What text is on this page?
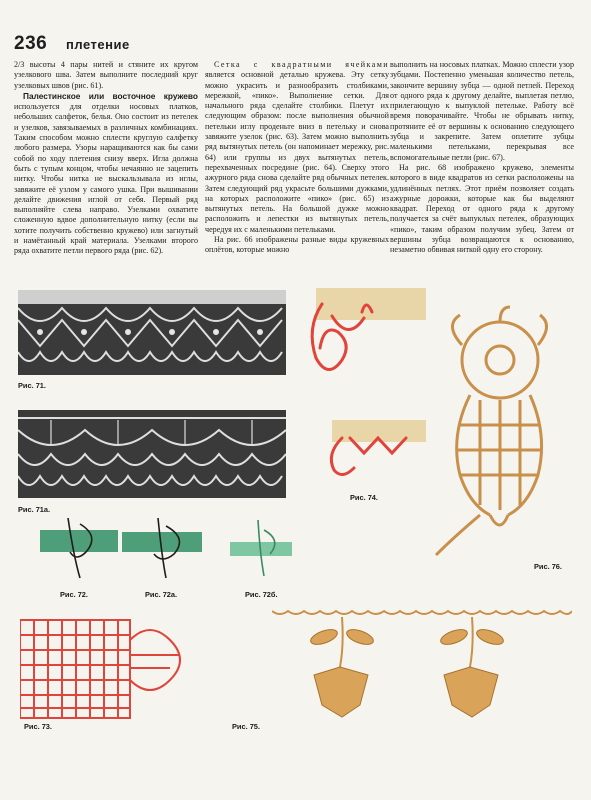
236 плетение

2/3 высоты 4 пары нитей и стяните их кругом узелкового шва. Затем выполните последний круг узелковых швов (рис. 61).

Палестинское или восточное кружево используется для отделки носовых платков, небольших салфеток, белья. Оно состоит из петелек и узелков, завязываемых в различных комбинациях. Таким способом можно сплести круглую салфетку любого размера. Узоры наращиваются как бы сами собой по ходу плетения снизу вверх. Игла должна быть с тупым концом, чтобы нечаянно не зацепить нитку. Чтобы нитка не выскальзывала из иглы, завяжите её узлом у самого ушка. При вышивании делайте движения иглой от себя. Первый ряд выполняйте слева направо. Узелками охватите сложенную вдвое дополнительную нитку (если вы хотите получить собственно кружево) или загнутый и намётанный край материала. Узелками второго ряда охватите петли первого ряда (рис. 62).

Сетка с квадратными ячейками является основной деталью кружева. Эту сетку можно украсить и разнообразить столбиками, мережкой, «пико». Выполнение сетки. Для начального ряда сделайте столбики. Плетут их следующим образом: после выполнения обычной петельки иглу проденьте вниз в петельку и снова завяжите узелок (рис. 63). Затем можно выполнить ряд вытянутых петель (он напоминает мережку, рис. 64) или группы из двух вытянутых петель, перехваченных посредине (рис. 64). Сверху этого ажурного ряда снова сделайте ряд обычных петелек. Затем следующий ряд украсьте большими дужками, на которых расположите «пико» (рис. 65) из вытянутых петель. На большой дужке можно расположить и лепестки из вытянутых петель, чередуя их с маленькими петельками.

На рис. 66 изображены разные виды кружевных оплётов, которые можно

выполнить на носовых платках. Можно сплести узор зубцами. Постепенно уменьшая количество петель, закончите вершину зубца — одной петлей. Переход от одного ряда к другому делайте, выплетая петлю, прилегающую к выпуклой петельке. Работу всё время поворачивайте. Чтобы не обрывать нитку, протяните её от вершины к основанию следующего зубца и закрепите. Затем оплетите зубцы маленькими петельками, перекрывая все вспомогательные петли (рис. 67).

На рис. 68 изображено кружево, элементы которого в виде квадратов из сетки расположены на удлинённых петлях. Этот приём позволяет создать ажурные дорожки, которые как бы выделяют квадрат. Переход от одного ряда к другому получается за счёт выпуклых петелек, образующих «пико», таким образом получим зубец. Затем от вершины зубца возвращаются к основанию, незаметно обвивая ниткой одну его сторону.

Рис. 71.
Рис. 71а.
Рис. 74.
Рис. 76.
Рис. 72.	Рис. 72а.	Рис. 72б.
Рис. 73.	Рис. 75.
